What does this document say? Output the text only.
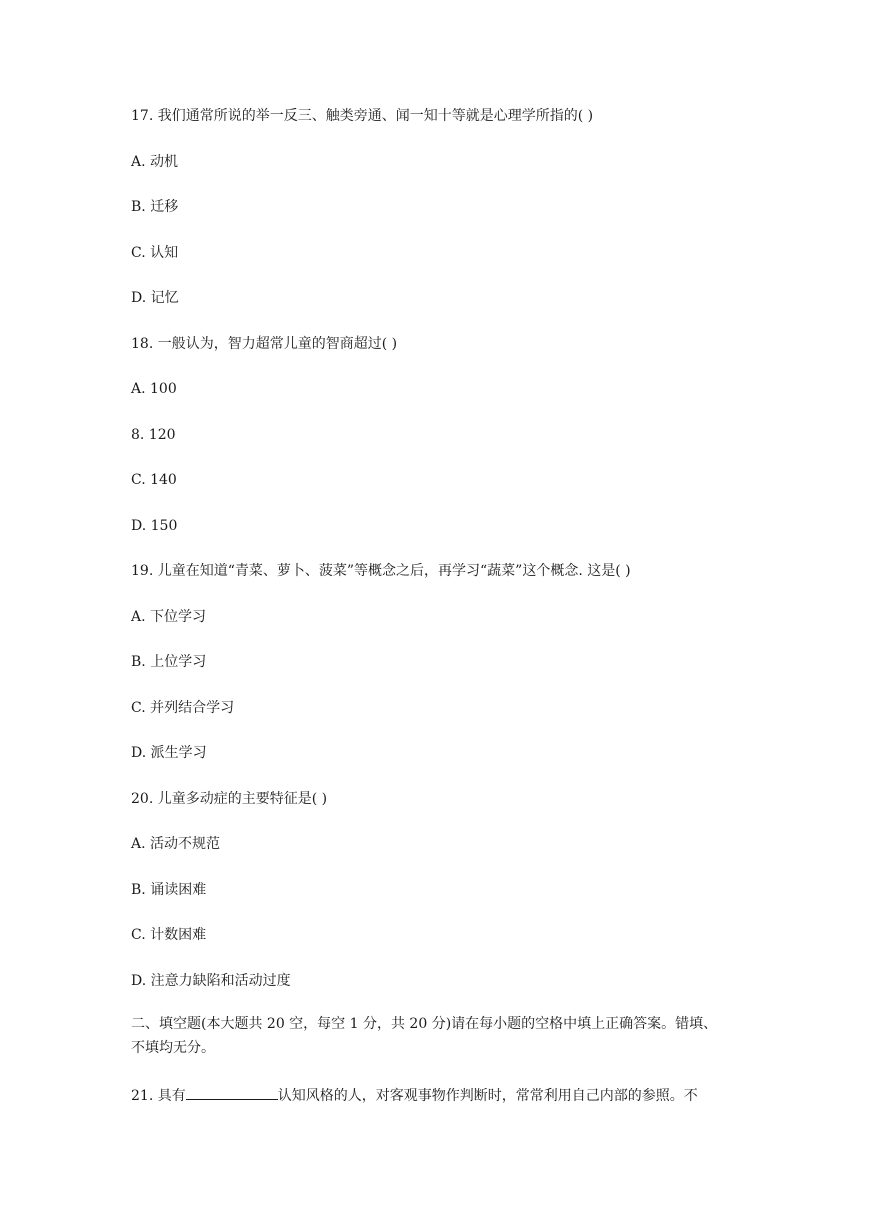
17. 我们通常所说的举一反三、触类旁通、闻一知十等就是心理学所指的( )
A. 动机
B. 迁移
C. 认知
D. 记忆
18. 一般认为，智力超常儿童的智商超过( )
A. 100
8. 120
C. 140
D. 150
19. 儿童在知道“青菜、萝卜、菠菜”等概念之后，再学习“蔬菜”这个概念. 这是( )
A. 下位学习
B. 上位学习
C. 并列结合学习
D. 派生学习
20. 儿童多动症的主要特征是( )
A. 活动不规范
B. 诵读困难
C. 计数困难
D. 注意力缺陷和活动过度
二、填空题(本大题共 20 空，每空 1 分，共 20 分)请在每小题的空格中填上正确答案。错填、不填均无分。
21. 具有	认知风格的人，对客观事物作判断时，常常利用自己内部的参照。不
